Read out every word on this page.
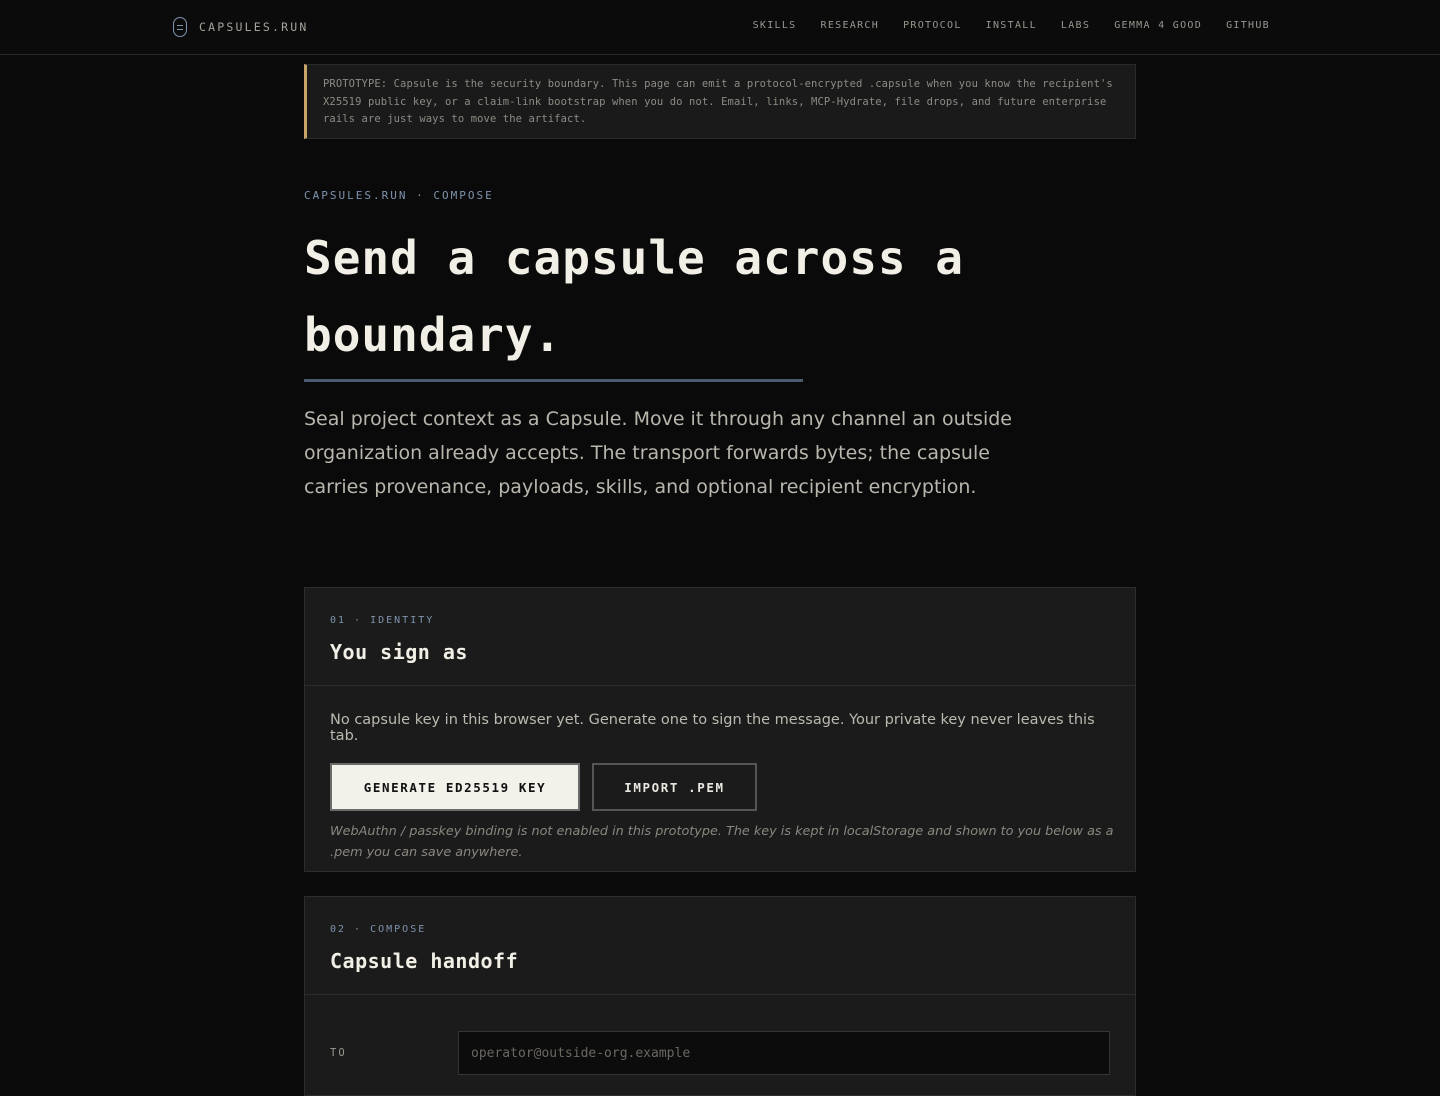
CAPSULES.RUN	SKILLS RESEARCH PROTOCOL INSTALL LABS GEMMA 4 GOOD GITHUB
PROTOTYPE: Capsule is the security boundary. This page can emit a protocol-encrypted .capsule when you know the recipient's X25519 public key, or a claim-link bootstrap when you do not. Email, links, MCP-Hydrate, file drops, and future enterprise rails are just ways to move the artifact.
CAPSULES.RUN · COMPOSE
Send a capsule across a boundary.

Seal project context as a Capsule. Move it through any channel an outside organization already accepts. The transport forwards bytes; the capsule carries provenance, payloads, skills, and optional recipient encryption.

01 · IDENTITY
You sign as

No capsule key in this browser yet. Generate one to sign the message. Your private key never leaves this tab.

GENERATE ED25519 KEY	IMPORT .PEM

WebAuthn / passkey binding is not enabled in this prototype. The key is kept in localStorage and shown to you below as a .pem you can save anywhere.

02 · COMPOSE
Capsule handoff
TO
operator@outside-org.example
